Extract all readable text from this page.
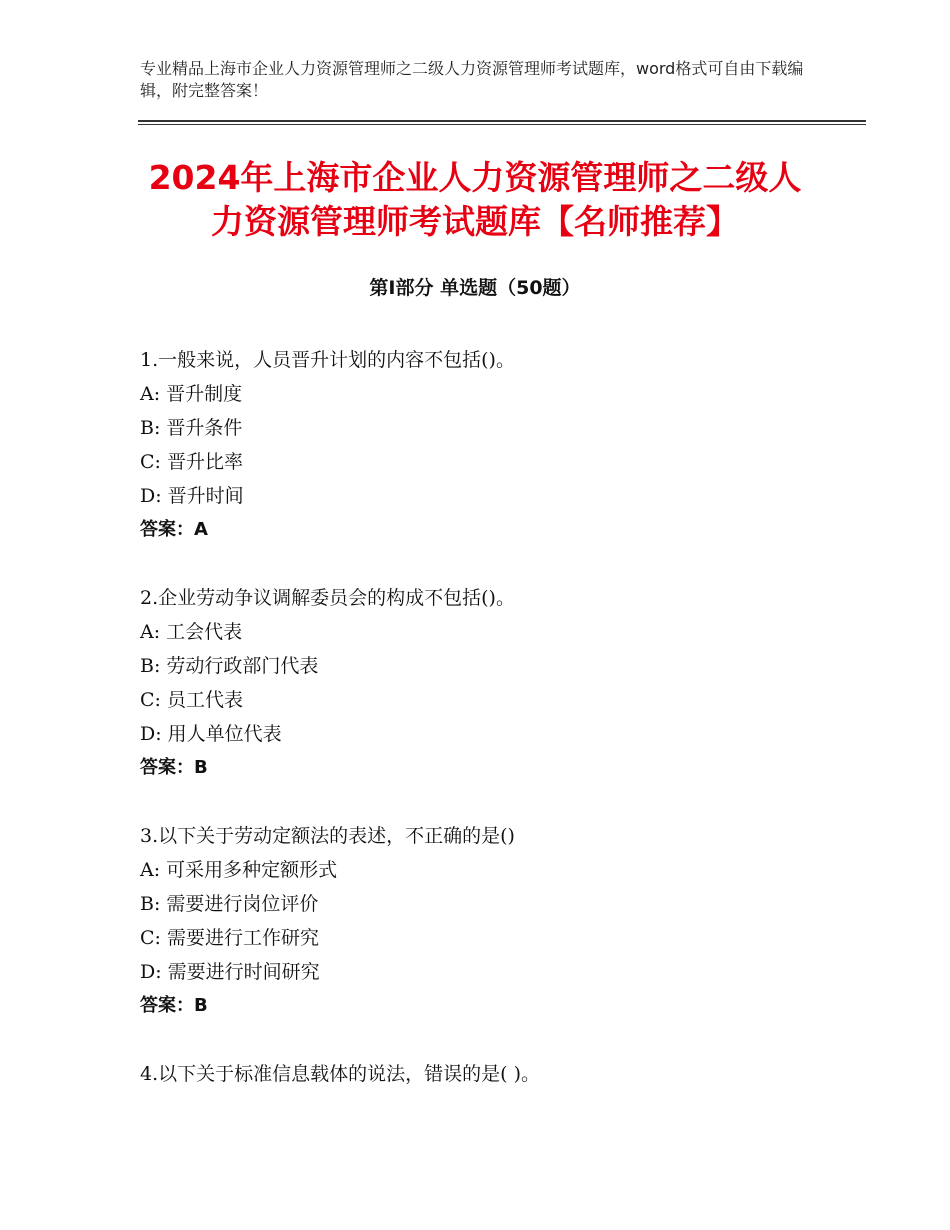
专业精品上海市企业人力资源管理师之二级人力资源管理师考试题库，word格式可自由下载编辑，附完整答案！
2024年上海市企业人力资源管理师之二级人
力资源管理师考试题库【名师推荐】
第Ⅰ部分 单选题（50题）
1.一般来说，人员晋升计划的内容不包括()。
A: 晋升制度
B: 晋升条件
C: 晋升比率
D: 晋升时间
答案：A
2.企业劳动争议调解委员会的构成不包括()。
A: 工会代表
B: 劳动行政部门代表
C: 员工代表
D: 用人单位代表
答案：B
3.以下关于劳动定额法的表述，不正确的是()
A: 可采用多种定额形式
B: 需要进行岗位评价
C: 需要进行工作研究
D: 需要进行时间研究
答案：B
4.以下关于标准信息载体的说法，错误的是( )。
